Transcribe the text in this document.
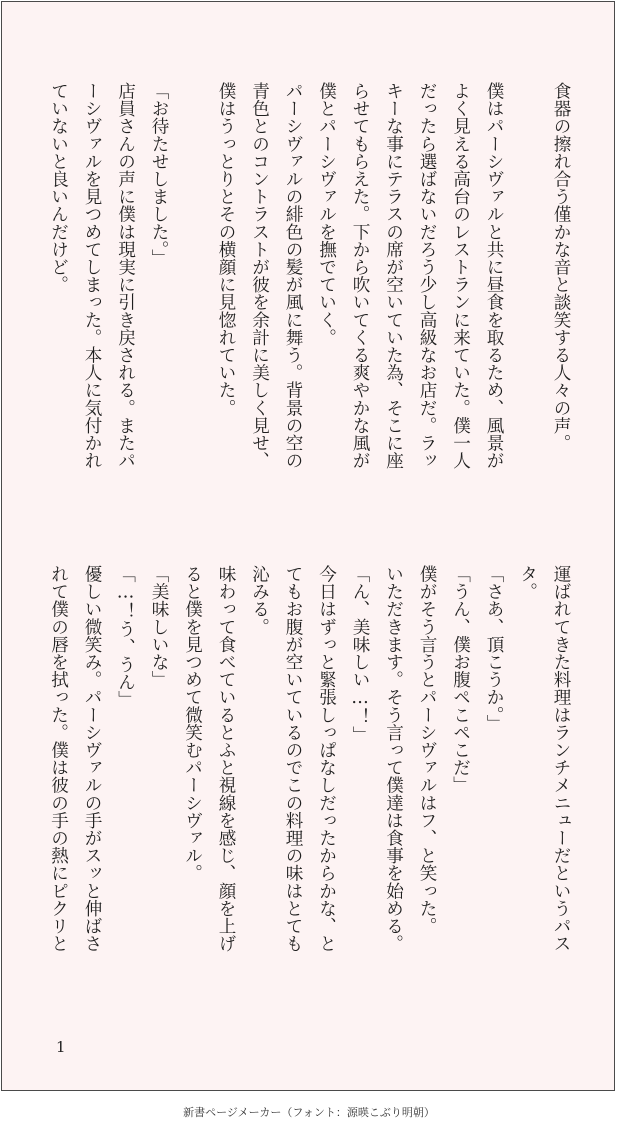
食器の擦れ合う僅かな音と談笑する人々の声。

僕はパーシヴァルと共に昼食を取るため、風景が
よく見える高台のレストランに来ていた。僕一人
だったら選ばないだろう少し高級なお店だ。ラッ
キーな事にテラスの席が空いていた為、そこに座
らせてもらえた。下から吹いてくる爽やかな風が
僕とパーシヴァルを撫でていく。
パーシヴァルの緋色の髪が風に舞う。背景の空の
青色とのコントラストが彼を余計に美しく見せ、
僕はうっとりとその横顔に見惚れていた。

「お待たせしました。」
店員さんの声に僕は現実に引き戻される。またパ
ーシヴァルを見つめてしまった。本人に気付かれ
ていないと良いんだけど。
運ばれてきた料理はランチメニューだというパス
タ。
「さあ、頂こうか。」
「うん、僕お腹ペこペこだ」
僕がそう言うとパーシヴァルはフ、と笑った。
いただきます。そう言って僕達は食事を始める。
「ん、美味しい…！」
今日はずっと緊張しっぱなしだったからかな、と
てもお腹が空いているのでこの料理の味はとても
沁みる。
味わって食べているとふと視線を感じ、顔を上げ
ると僕を見つめて微笑むパーシヴァル。
「美味しいな」
「…！う、うん」
優しい微笑み。パーシヴァルの手がスッと伸ばさ
れて僕の唇を拭った。僕は彼の手の熱にピクリと
1
新書ページメーカー（フォント：源暎こぶり明朝）
